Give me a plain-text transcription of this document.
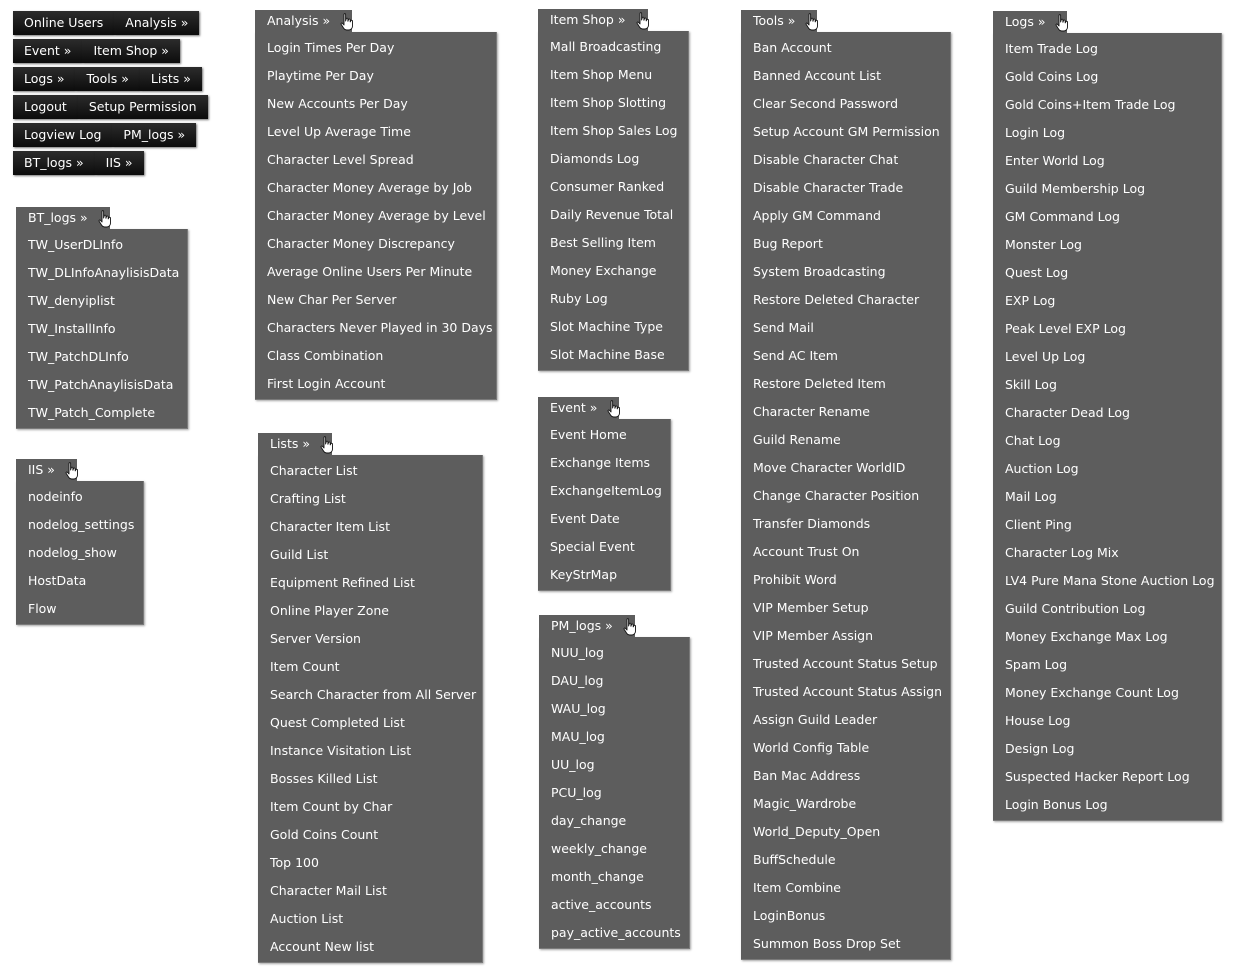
Online Users	Analysis »
Event »	Item Shop »
Logs »	Tools »	Lists »
Logout	Setup Permission
Logview Log	PM_logs »
BT_logs »	IIS »
BT_logs »
TW_UserDLInfo
TW_DLInfoAnaylisisData
TW_denyiplist
TW_InstallInfo
TW_PatchDLInfo
TW_PatchAnaylisisData
TW_Patch_Complete
IIS »
nodeinfo
nodelog_settings
nodelog_show
HostData
Flow
Analysis »
Login Times Per Day
Playtime Per Day
New Accounts Per Day
Level Up Average Time
Character Level Spread
Character Money Average by Job
Character Money Average by Level
Character Money Discrepancy
Average Online Users Per Minute
New Char Per Server
Characters Never Played in 30 Days
Class Combination
First Login Account
Lists »
Character List
Crafting List
Character Item List
Guild List
Equipment Refined List
Online Player Zone
Server Version
Item Count
Search Character from All Server
Quest Completed List
Instance Visitation List
Bosses Killed List
Item Count by Char
Gold Coins Count
Top 100
Character Mail List
Auction List
Account New list
Item Shop »
Mall Broadcasting
Item Shop Menu
Item Shop Slotting
Item Shop Sales Log
Diamonds Log
Consumer Ranked
Daily Revenue Total
Best Selling Item
Money Exchange
Ruby Log
Slot Machine Type
Slot Machine Base
Event »
Event Home
Exchange Items
ExchangeItemLog
Event Date
Special Event
KeyStrMap
PM_logs »
NUU_log
DAU_log
WAU_log
MAU_log
UU_log
PCU_log
day_change
weekly_change
month_change
active_accounts
pay_active_accounts
Tools »
Ban Account
Banned Account List
Clear Second Password
Setup Account GM Permission
Disable Character Chat
Disable Character Trade
Apply GM Command
Bug Report
System Broadcasting
Restore Deleted Character
Send Mail
Send AC Item
Restore Deleted Item
Character Rename
Guild Rename
Move Character WorldID
Change Character Position
Transfer Diamonds
Account Trust On
Prohibit Word
VIP Member Setup
VIP Member Assign
Trusted Account Status Setup
Trusted Account Status Assign
Assign Guild Leader
World Config Table
Ban Mac Address
Magic_Wardrobe
World_Deputy_Open
BuffSchedule
Item Combine
LoginBonus
Summon Boss Drop Set
Logs »
Item Trade Log
Gold Coins Log
Gold Coins+Item Trade Log
Login Log
Enter World Log
Guild Membership Log
GM Command Log
Monster Log
Quest Log
EXP Log
Peak Level EXP Log
Level Up Log
Skill Log
Character Dead Log
Chat Log
Auction Log
Mail Log
Client Ping
Character Log Mix
LV4 Pure Mana Stone Auction Log
Guild Contribution Log
Money Exchange Max Log
Spam Log
Money Exchange Count Log
House Log
Design Log
Suspected Hacker Report Log
Login Bonus Log
